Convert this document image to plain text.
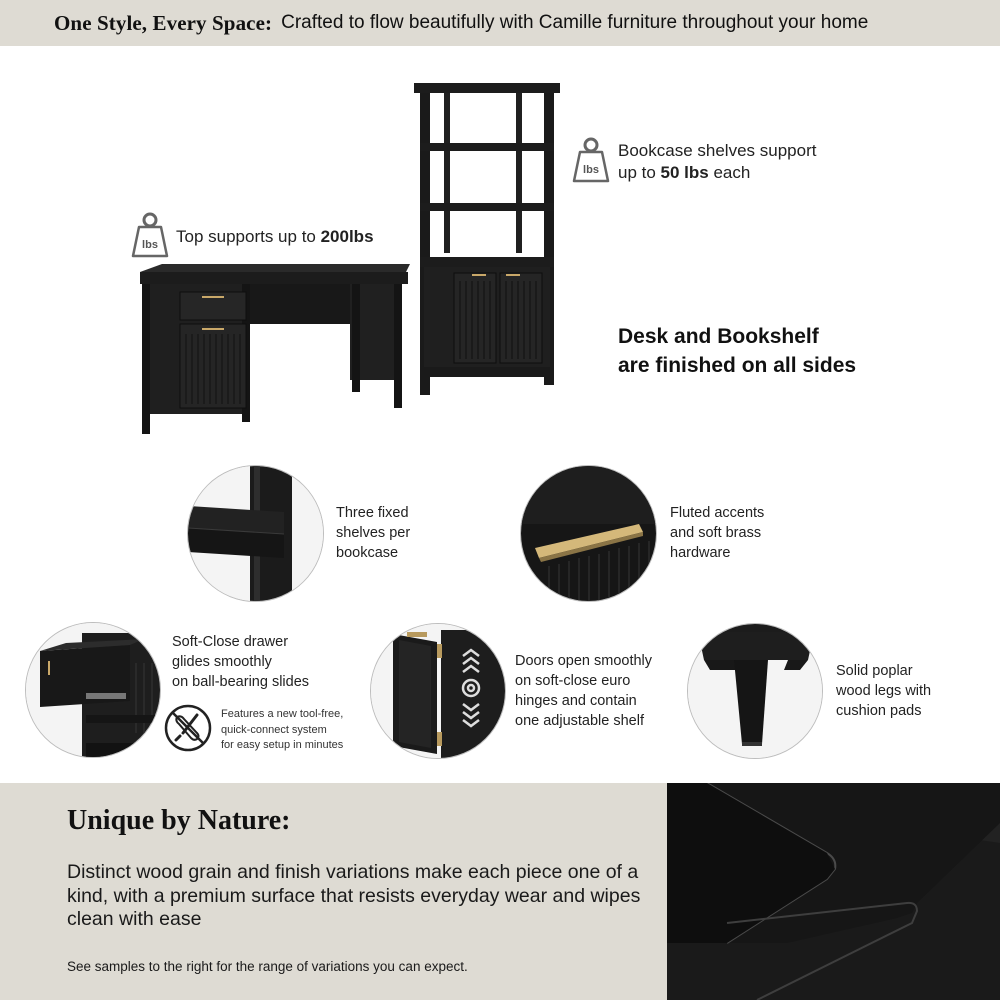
One Style, Every Space: Crafted to flow beautifully with Camille furniture throughout your home
lbs Top supports up to 200lbs
lbs
Bookcase shelves support
up to 50 lbs each
Desk and Bookshelf
are finished on all sides
Three fixed
shelves per
bookcase
Fluted accents
and soft brass
hardware
Soft-Close drawer
glides smoothly
on ball-bearing slides
Features a new tool-free,
quick-connect system
for easy setup in minutes
Doors open smoothly
on soft-close euro
hinges and contain
one adjustable shelf
Solid poplar
wood legs with
cushion pads
Unique by Nature:

Distinct wood grain and finish variations make each piece one of a kind, with a premium surface that resists everyday wear and wipes clean with ease

See samples to the right for the range of variations you can expect.
